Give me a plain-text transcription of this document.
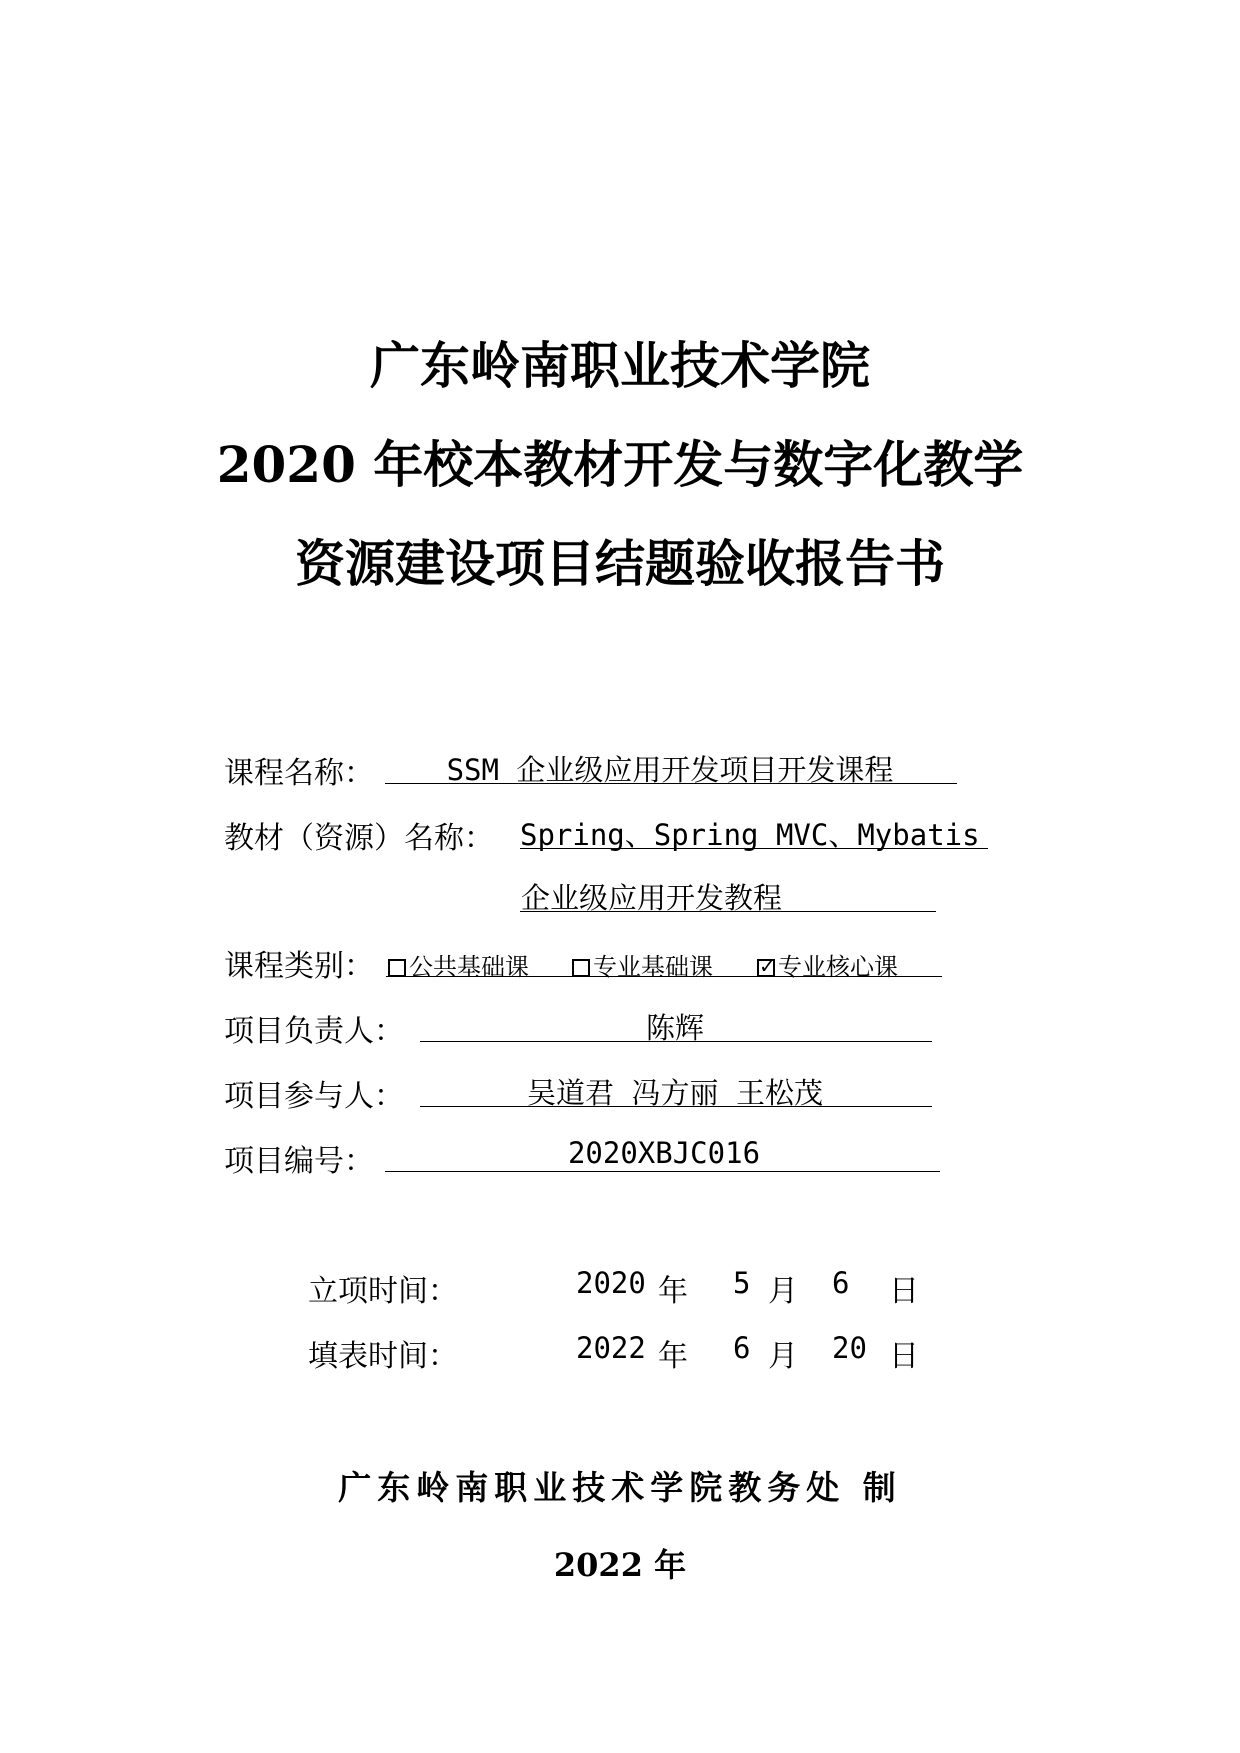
广东岭南职业技术学院
2020 年校本教材开发与数字化教学
资源建设项目结题验收报告书
课程名称：	SSM 企业级应用开发项目开发课程
教材（资源）名称： Spring、Spring MVC、Mybatis
企业级应用开发教程
课程类别：	公共基础课	专业基础课
✓	专业核心课
项目负责人：	陈辉
项目参与人：	吴道君 冯方丽 王松茂
项目编号：	2020XBJC016
立项时间：	2020 年 5 月 6 日
填表时间：	2022 年 6 月 20 日
广东岭南职业技术学院教务处 制
2022 年
